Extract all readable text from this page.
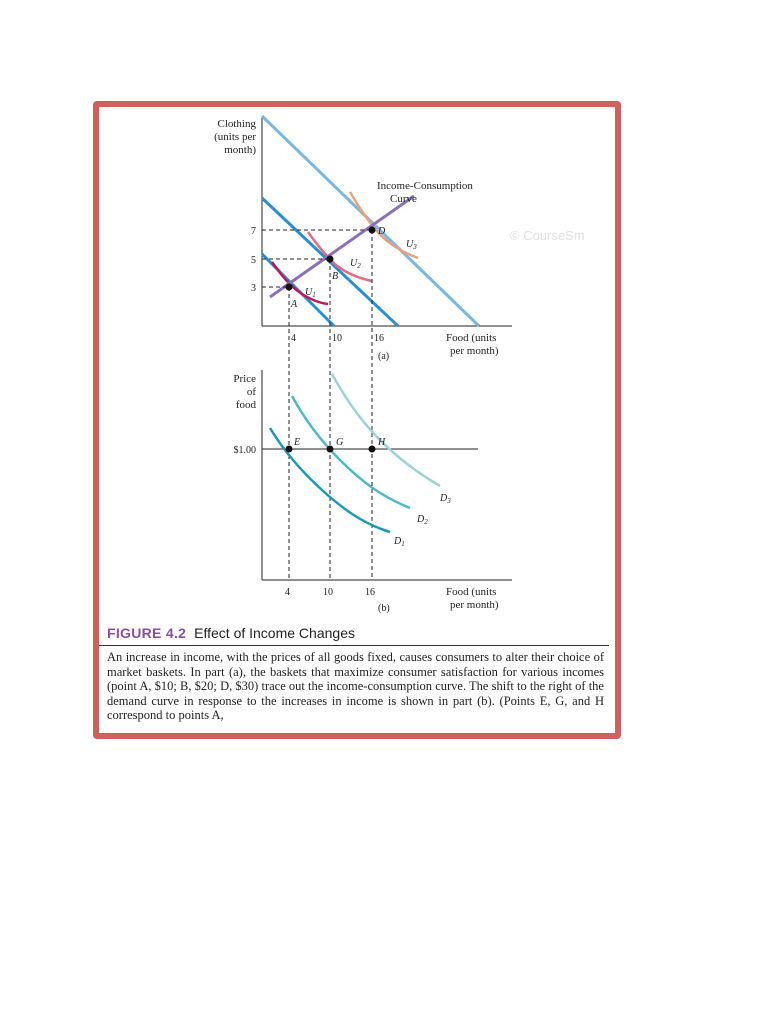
A
B
D
$U_1$
$U_2$
$U_3$
Clothing
(units per
month)
7
5
3
4	10	16	Food (units
per month)
(a)
Income-Consumption
Curve
© CourseSm
E	G	H
$D_1$
$D_2$
$D_3$
Price
of
food
$1.00
4	10	16	Food (units
per month)
(b)
FIGURE 4.2 Effect of Income Changes
An increase in income, with the prices of all goods fixed, causes consumers to alter their choice of market baskets. In part (a), the baskets that maximize consumer satisfaction for various incomes (point A, $10; B, $20; D, $30) trace out the income-consumption curve. The shift to the right of the demand curve in response to the increases in income is shown in part (b). (Points E, G, and H correspond to points A,
